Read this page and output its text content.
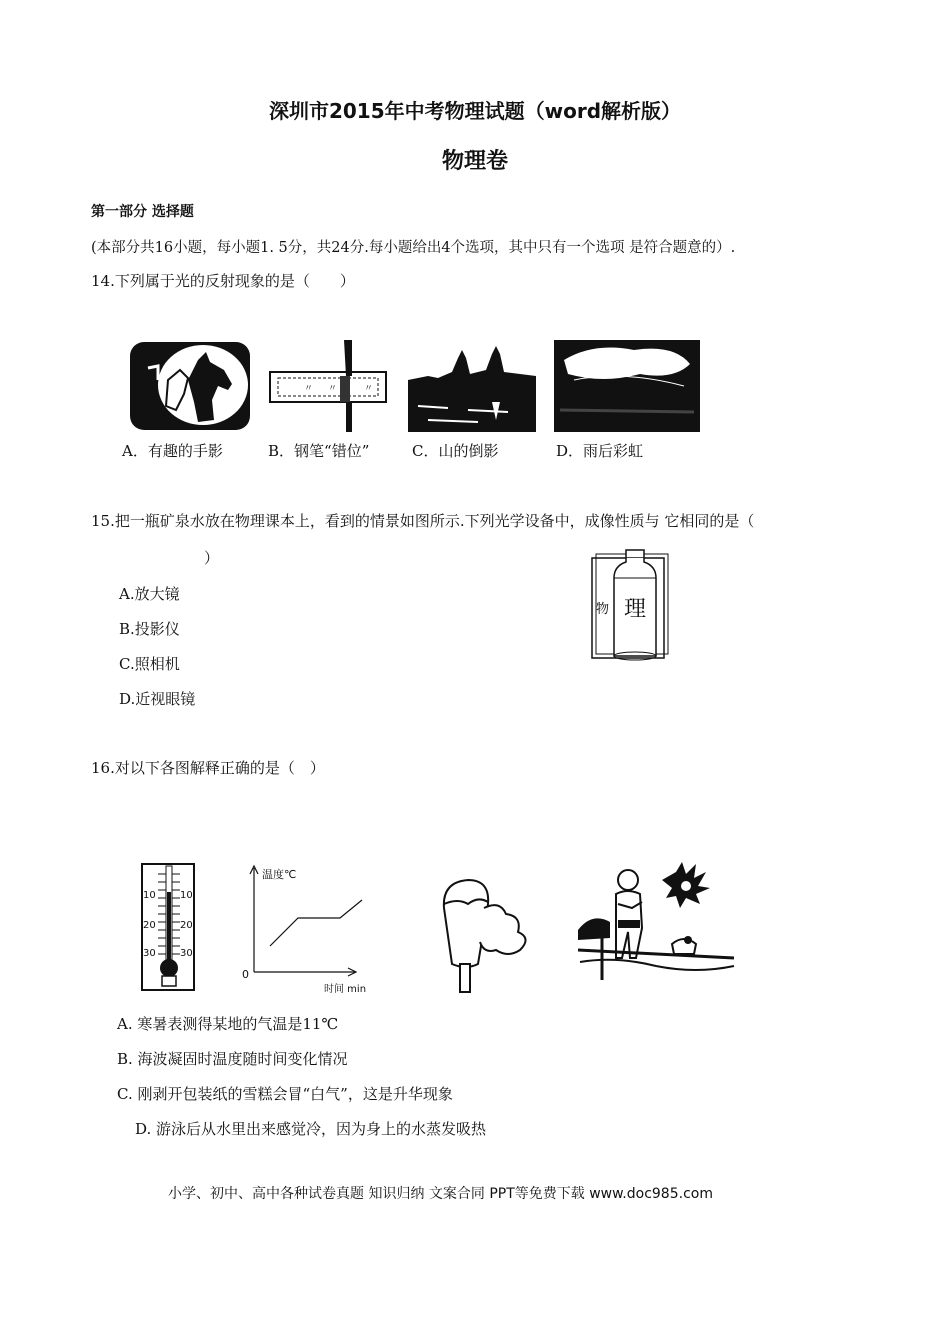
深圳市2015年中考物理试题（word解析版）
物理卷
第一部分 选择题
(本部分共16小题，每小题1. 5分，共24分.每小题给出4个选项，其中只有一个选项 是符合题意的）.
14.下列属于光的反射现象的是（　　）
〃 〃	〃
A．有趣的手影	B．钢笔“错位”	C．山的倒影	D．雨后彩虹
15.把一瓶矿泉水放在物理课本上，看到的情景如图所示.下列光学设备中，成像性质与 它相同的是（
）
A.放大镜
B.投影仪
C.照相机
D.近视眼镜
物 理
16.对以下各图解释正确的是（　）
10
20
30
10
20
30
温度℃
0
时间 min
A. 寒暑表测得某地的气温是11℃
B. 海波凝固时温度随时间变化情况
C. 刚剥开包装纸的雪糕会冒“白气”，这是升华现象
D. 游泳后从水里出来感觉冷，因为身上的水蒸发吸热
小学、初中、高中各种试卷真题 知识归纳 文案合同 PPT等免费下载 www.doc985.com
